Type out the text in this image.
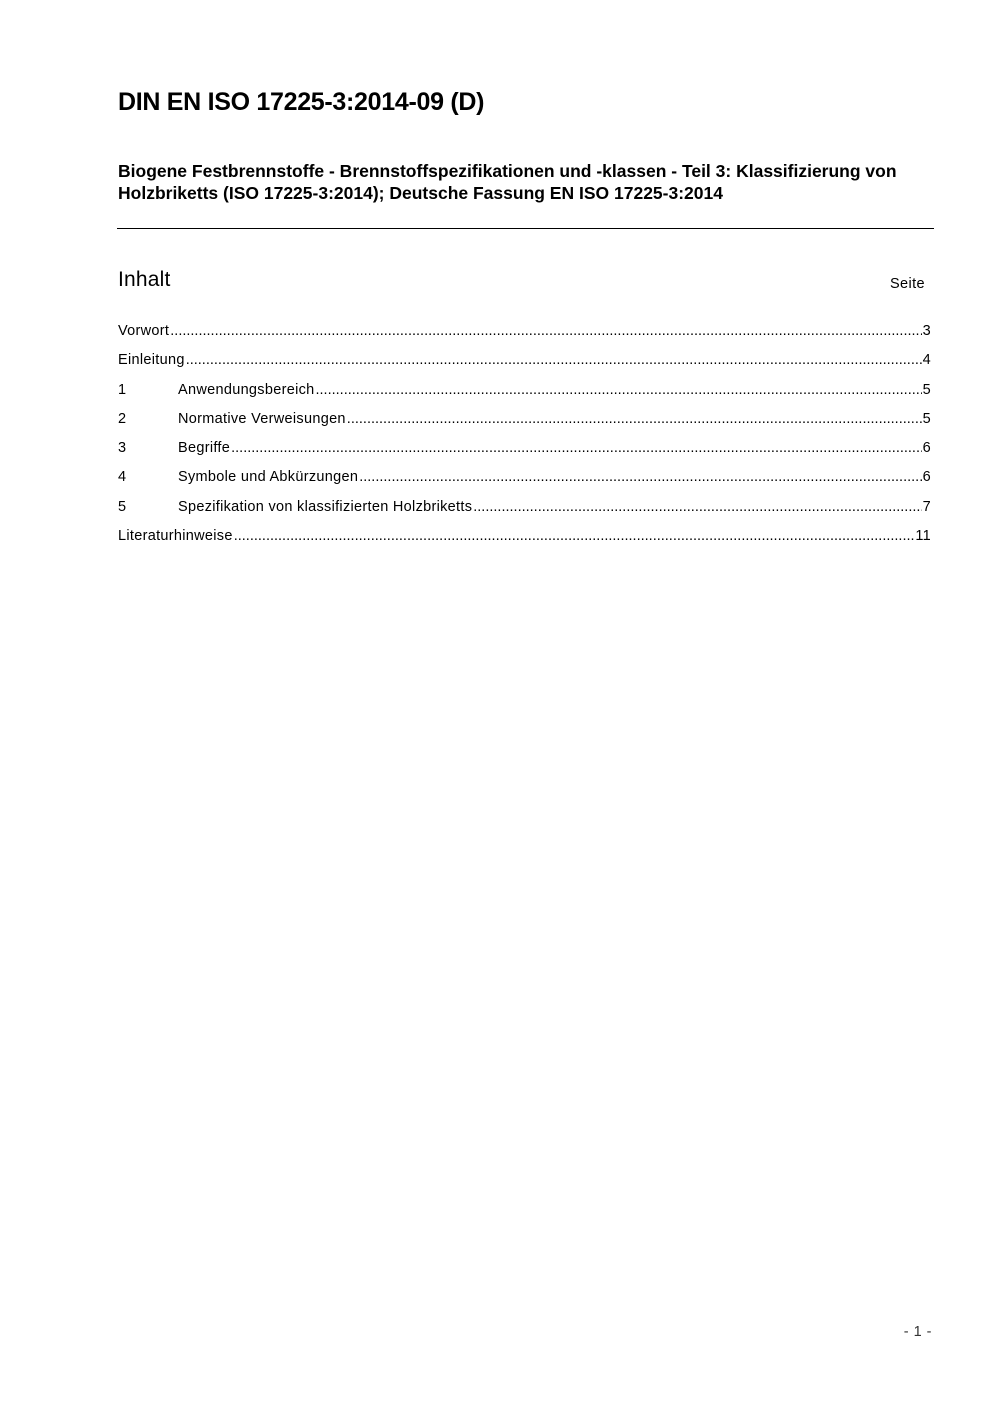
DIN EN ISO 17225-3:2014-09 (D)
Biogene Festbrennstoffe - Brennstoffspezifikationen und -klassen - Teil 3: Klassifizierung von Holzbriketts (ISO 17225-3:2014); Deutsche Fassung EN ISO 17225-3:2014
Inhalt	Seite
Vorwort .....	3
Einleitung .....	4
1	Anwendungsbereich .....	5
2	Normative Verweisungen .....	5
3	Begriffe .....	6
4	Symbole und Abkürzungen .....	6
5	Spezifikation von klassifizierten Holzbriketts .....	7
Literaturhinweise .....	11
- 1 -
